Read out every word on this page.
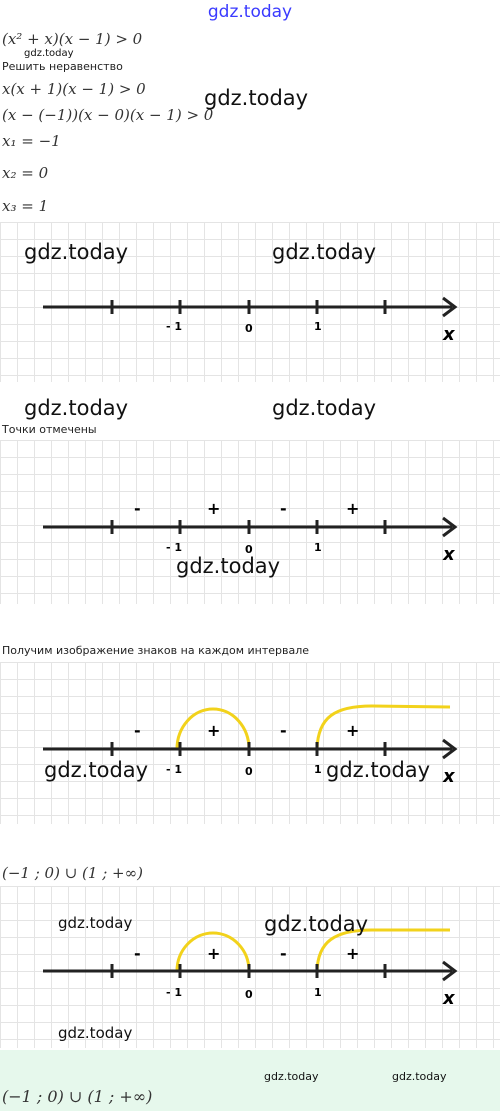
gdz.today
(x² + x)(x − 1) > 0
gdz.today
Решить неравенство
x(x + 1)(x − 1) > 0
(x − (−1))(x − 0)(x − 1) > 0
gdz.today
x₁ = −1
x₂ = 0
x₃ = 1
- 1	0	1	x
gdz.today	gdz.today
gdz.today	gdz.today
Точки отмечены
-	+	-	+
- 1	0	1	x
gdz.today
Получим изображение знаков на каждом интервале
-	+	-	+
- 1	0	1	x
gdz.today	gdz.today
(−1 ; 0) ∪ (1 ; +∞)
-	+	-	+
- 1	0	1	x
gdz.today	gdz.today
gdz.today
gdz.today	gdz.today
(−1 ; 0) ∪ (1 ; +∞)
